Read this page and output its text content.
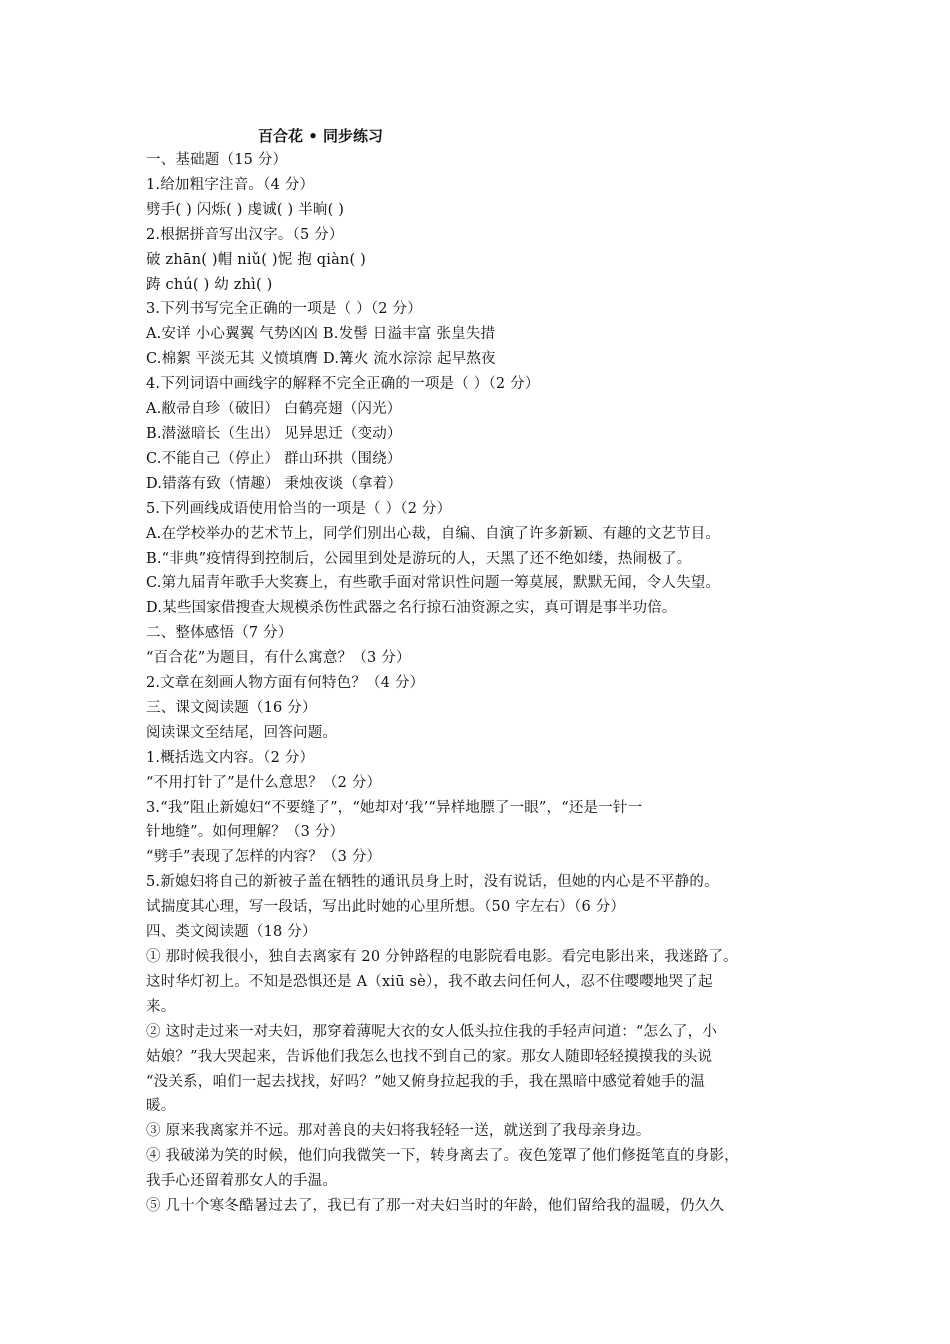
百合花 • 同步练习
一、基础题（15 分）
1.给加粗字注音。（4 分）
劈手( ) 闪烁( ) 虔诚( ) 半晌( )
2.根据拼音写出汉字。（5 分）
破 zhān( )帽 niǔ( )怩 抱 qiàn( )
踌 chú( ) 幼 zhì( )
3.下列书写完全正确的一项是（ ）（2 分）
A.安详 小心翼翼 气势凶凶 B.发髻 日溢丰富 张皇失措
C.棉絮 平淡无其 义愤填膺 D.篝火 流水淙淙 起早熬夜
4.下列词语中画线字的解释不完全正确的一项是（ ）（2 分）
A.敝帚自珍（破旧） 白鹤亮翅（闪光）
B.潜滋暗长（生出） 见异思迁（变动）
C.不能自己（停止） 群山环拱（围绕）
D.错落有致（情趣） 秉烛夜谈（拿着）
5.下列画线成语使用恰当的一项是（ ）（2 分）
A.在学校举办的艺术节上，同学们别出心裁，自编、自演了许多新颖、有趣的文艺节目。
B.“非典”疫情得到控制后，公园里到处是游玩的人，天黑了还不绝如缕，热闹极了。
C.第九届青年歌手大奖赛上，有些歌手面对常识性问题一筹莫展，默默无闻，令人失望。
D.某些国家借搜查大规模杀伤性武器之名行掠石油资源之实，真可谓是事半功倍。
二、整体感悟（7 分）
“百合花”为题目，有什么寓意？（3 分）
2.文章在刻画人物方面有何特色？（4 分）
三、课文阅读题（16 分）
阅读课文至结尾，回答问题。
1.概括选文内容。（2 分）
“不用打针了”是什么意思？（2 分）
3.“我”阻止新媳妇“不要缝了”，“她却对‘我’“异样地膘了一眼”，“还是一针一
针地缝”。如何理解？（3 分）
“劈手”表现了怎样的内容？（3 分）
5.新媳妇将自己的新被子盖在牺牲的通讯员身上时，没有说话，但她的内心是不平静的。
试揣度其心理，写一段话，写出此时她的心里所想。（50 字左右）（6 分）
四、类文阅读题（18 分）
① 那时候我很小，独自去离家有 20 分钟路程的电影院看电影。看完电影出来，我迷路了。
这时华灯初上。不知是恐惧还是 A（xiū sè），我不敢去问任何人，忍不住嘤嘤地哭了起
来。
② 这时走过来一对夫妇，那穿着薄呢大衣的女人低头拉住我的手轻声问道：“怎么了，小
姑娘？”我大哭起来，告诉他们我怎么也找不到自己的家。那女人随即轻轻摸摸我的头说
“没关系，咱们一起去找找，好吗？”她又俯身拉起我的手，我在黑暗中感觉着她手的温
暖。
③ 原来我离家并不远。那对善良的夫妇将我轻轻一送，就送到了我母亲身边。
④ 我破涕为笑的时候，他们向我微笑一下，转身离去了。夜色笼罩了他们修挺笔直的身影，
我手心还留着那女人的手温。
⑤ 几十个寒冬酷暑过去了，我已有了那一对夫妇当时的年龄，他们留给我的温暖，仍久久
